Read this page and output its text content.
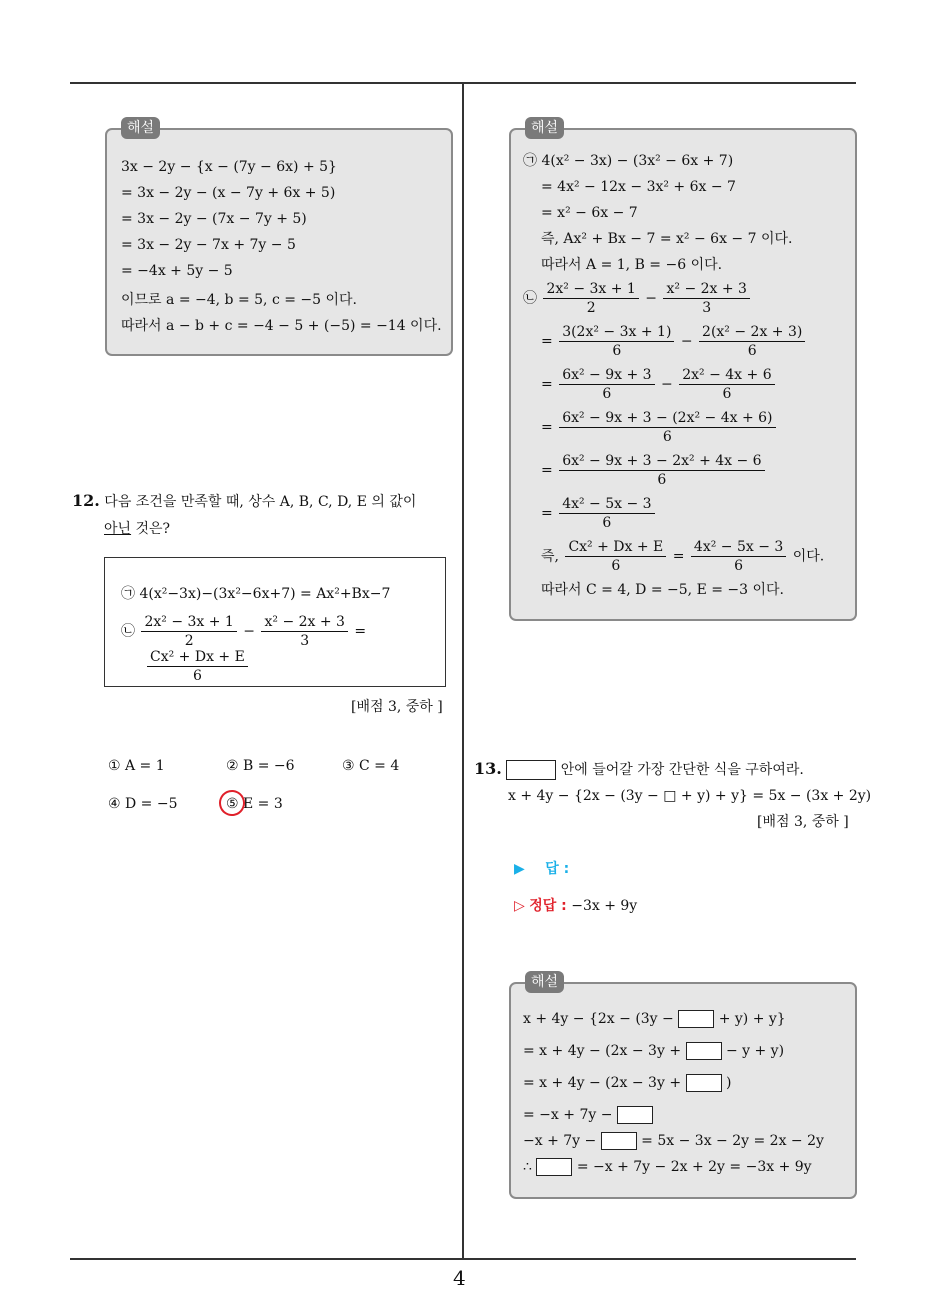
4
해설
3x − 2y − {x − (7y − 6x) + 5}
= 3x − 2y − (x − 7y + 6x + 5)
= 3x − 2y − (7x − 7y + 5)
= 3x − 2y − 7x + 7y − 5
= −4x + 5y − 5
이므로 a = −4, b = 5, c = −5 이다.
따라서 a − b + c = −4 − 5 + (−5) = −14 이다.
12. 다음 조건을 만족할 때, 상수 A, B, C, D, E 의 값이
아닌 것은?
㉠ 4(x²−3x)−(3x²−6x+7) = Ax²+Bx−7
㉡ $\frac{\text{2x² − 3x + 1}}{2} - \frac{\text{x² − 2x + 3}}{3}$ =
$\frac{\text{Cx² + Dx + E}}{6}$
[배점 3, 중하 ]
① A = 1	② B = −6	③ C = 4
④ D = −5	⑤ E = 3
해설
㉠ 4(x² − 3x) − (3x² − 6x + 7)
= 4x² − 12x − 3x² + 6x − 7
= x² − 6x − 7
즉, Ax² + Bx − 7 = x² − 6x − 7 이다.
따라서 A = 1, B = −6 이다.
㉡ $\frac{\text{2x² − 3x + 1}}{2} - \frac{\text{x² − 2x + 3}}{3}$
= $\frac{\text{3(2x² − 3x + 1)}}{6} - \frac{\text{2(x² − 2x + 3)}}{6}$
= $\frac{\text{6x² − 9x + 3}}{6} - \frac{\text{2x² − 4x + 6}}{6}$
= $\frac{\text{6x² − 9x + 3 − (2x² − 4x + 6)}}{6}$
= $\frac{\text{6x² − 9x + 3 − 2x² + 4x − 6}}{6}$
= $\frac{\text{4x² − 5x − 3}}{6}$
즉, $\frac{\text{Cx² + Dx + E}}{6} = \frac{\text{4x² − 5x − 3}}{6}$ 이다.
따라서 C = 4, D = −5, E = −3 이다.
13.	안에 들어갈 가장 간단한 식을 구하여라.
x + 4y − {2x − (3y − □ + y) + y} = 5x − (3x + 2y)
[배점 3, 중하 ]
▶ 답 :
▷ 정답 : −3x + 9y
해설
x + 4y − {2x − (3y −	+ y) + y}
= x + 4y − (2x − 3y +	− y + y)
= x + 4y − (2x − 3y +	)
= −x + 7y −
−x + 7y −	= 5x − 3x − 2y = 2x − 2y
∴	= −x + 7y − 2x + 2y = −3x + 9y
